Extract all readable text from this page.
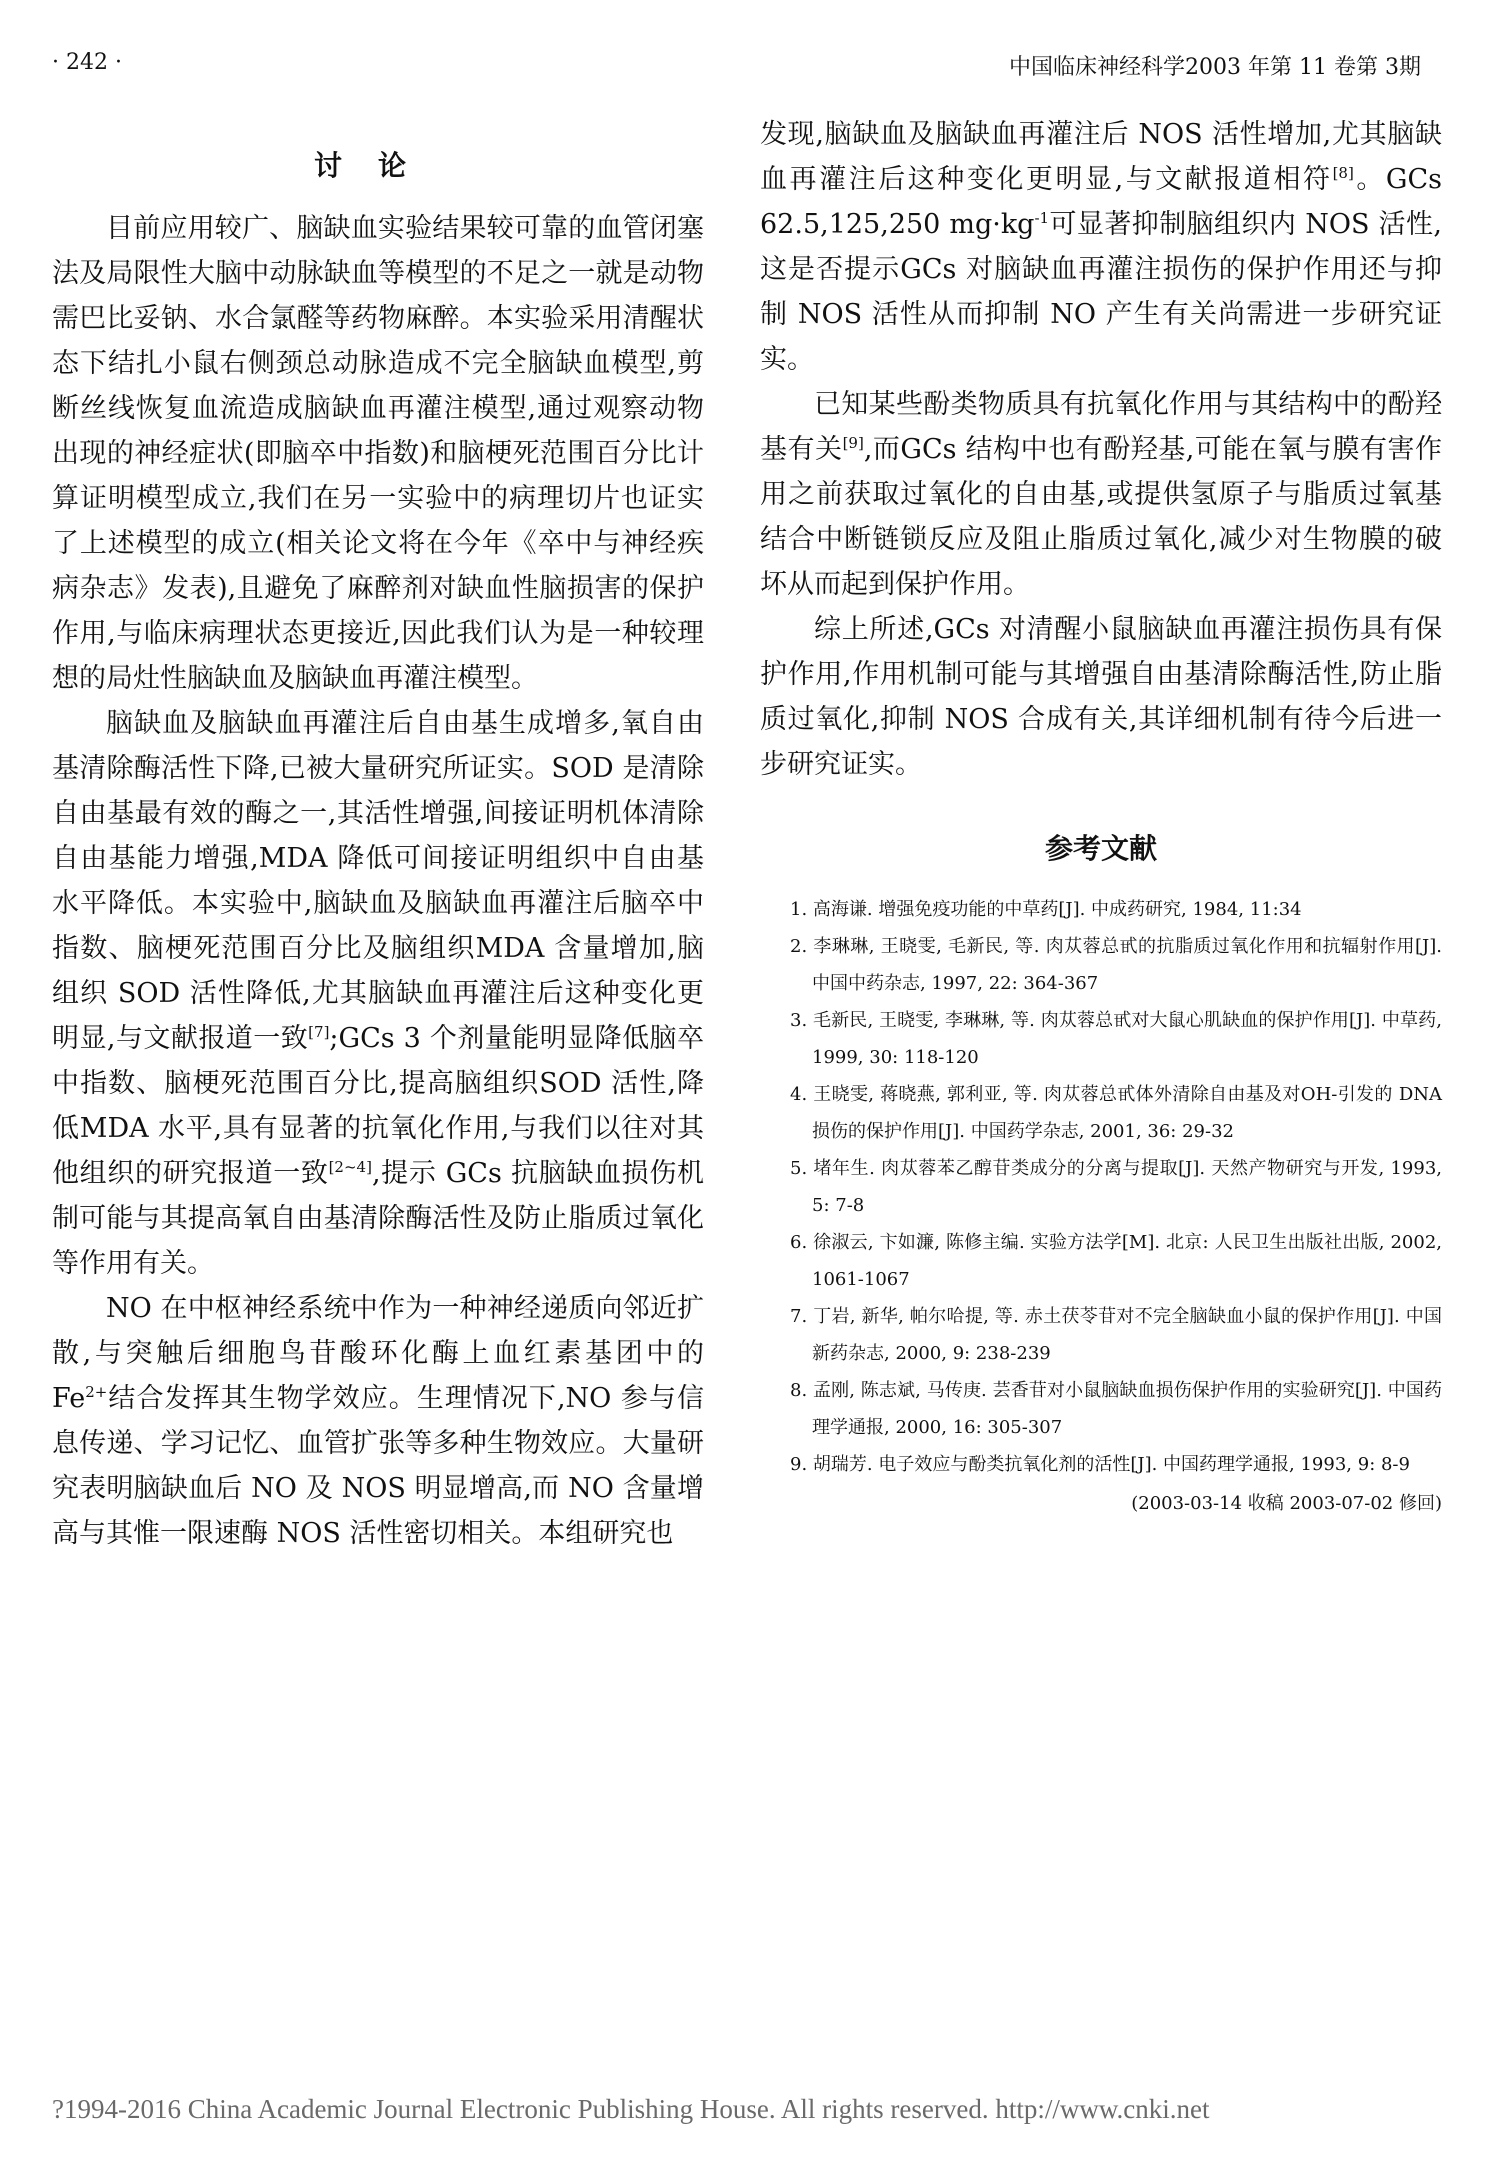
· 242 ·	中国临床神经科学2003 年第 11 卷第 3期
讨论

目前应用较广、脑缺血实验结果较可靠的血管闭塞法及局限性大脑中动脉缺血等模型的不足之一就是动物需巴比妥钠、水合氯醛等药物麻醉。本实验采用清醒状态下结扎小鼠右侧颈总动脉造成不完全脑缺血模型,剪断丝线恢复血流造成脑缺血再灌注模型,通过观察动物出现的神经症状(即脑卒中指数)和脑梗死范围百分比计算证明模型成立,我们在另一实验中的病理切片也证实了上述模型的成立(相关论文将在今年《卒中与神经疾病杂志》发表),且避免了麻醉剂对缺血性脑损害的保护作用,与临床病理状态更接近,因此我们认为是一种较理想的局灶性脑缺血及脑缺血再灌注模型。

脑缺血及脑缺血再灌注后自由基生成增多,氧自由基清除酶活性下降,已被大量研究所证实。SOD 是清除自由基最有效的酶之一,其活性增强,间接证明机体清除自由基能力增强,MDA 降低可间接证明组织中自由基水平降低。本实验中,脑缺血及脑缺血再灌注后脑卒中指数、脑梗死范围百分比及脑组织MDA 含量增加,脑组织 SOD 活性降低,尤其脑缺血再灌注后这种变化更明显,与文献报道一致[7];GCs 3 个剂量能明显降低脑卒中指数、脑梗死范围百分比,提高脑组织SOD 活性,降低MDA 水平,具有显著的抗氧化作用,与我们以往对其他组织的研究报道一致[2~4],提示 GCs 抗脑缺血损伤机制可能与其提高氧自由基清除酶活性及防止脂质过氧化等作用有关。

NO 在中枢神经系统中作为一种神经递质向邻近扩散,与突触后细胞鸟苷酸环化酶上血红素基团中的$Fe^{2+}$结合发挥其生物学效应。生理情况下,NO 参与信息传递、学习记忆、血管扩张等多种生物效应。大量研究表明脑缺血后 NO 及 NOS 明显增高,而 NO 含量增高与其惟一限速酶 NOS 活性密切相关。本组研究也

发现,脑缺血及脑缺血再灌注后 NOS 活性增加,尤其脑缺血再灌注后这种变化更明显,与文献报道相符[8]。GCs 62.5,125,250 $mg\cdot kg^{-1}$可显著抑制脑组织内 NOS 活性,这是否提示GCs 对脑缺血再灌注损伤的保护作用还与抑制 NOS 活性从而抑制 NO 产生有关尚需进一步研究证实。

已知某些酚类物质具有抗氧化作用与其结构中的酚羟基有关[9],而GCs 结构中也有酚羟基,可能在氧与膜有害作用之前获取过氧化的自由基,或提供氢原子与脂质过氧基结合中断链锁反应及阻止脂质过氧化,减少对生物膜的破坏从而起到保护作用。

综上所述,GCs 对清醒小鼠脑缺血再灌注损伤具有保护作用,作用机制可能与其增强自由基清除酶活性,防止脂质过氧化,抑制 NOS 合成有关,其详细机制有待今后进一步研究证实。

参考文献
1. 高海谦. 增强免疫功能的中草药[J]. 中成药研究, 1984, 11:34
2. 李琳琳, 王晓雯, 毛新民, 等. 肉苁蓉总甙的抗脂质过氧化作用和抗辐射作用[J]. 中国中药杂志, 1997, 22: 364-367
3. 毛新民, 王晓雯, 李琳琳, 等. 肉苁蓉总甙对大鼠心肌缺血的保护作用[J]. 中草药, 1999, 30: 118-120
4. 王晓雯, 蒋晓燕, 郭利亚, 等. 肉苁蓉总甙体外清除自由基及对OH-引发的 DNA 损伤的保护作用[J]. 中国药学杂志, 2001, 36: 29-32
5. 堵年生. 肉苁蓉苯乙醇苷类成分的分离与提取[J]. 天然产物研究与开发, 1993, 5: 7-8
6. 徐淑云, 卞如濂, 陈修主编. 实验方法学[M]. 北京: 人民卫生出版社出版, 2002, 1061-1067
7. 丁岩, 新华, 帕尔哈提, 等. 赤土茯苓苷对不完全脑缺血小鼠的保护作用[J]. 中国新药杂志, 2000, 9: 238-239
8. 孟刚, 陈志斌, 马传庚. 芸香苷对小鼠脑缺血损伤保护作用的实验研究[J]. 中国药理学通报, 2000, 16: 305-307
9. 胡瑞芳. 电子效应与酚类抗氧化剂的活性[J]. 中国药理学通报, 1993, 9: 8-9
(2003-03-14 收稿 2003-07-02 修回)
?1994-2016 China Academic Journal Electronic Publishing House. All rights reserved. http://www.cnki.net
